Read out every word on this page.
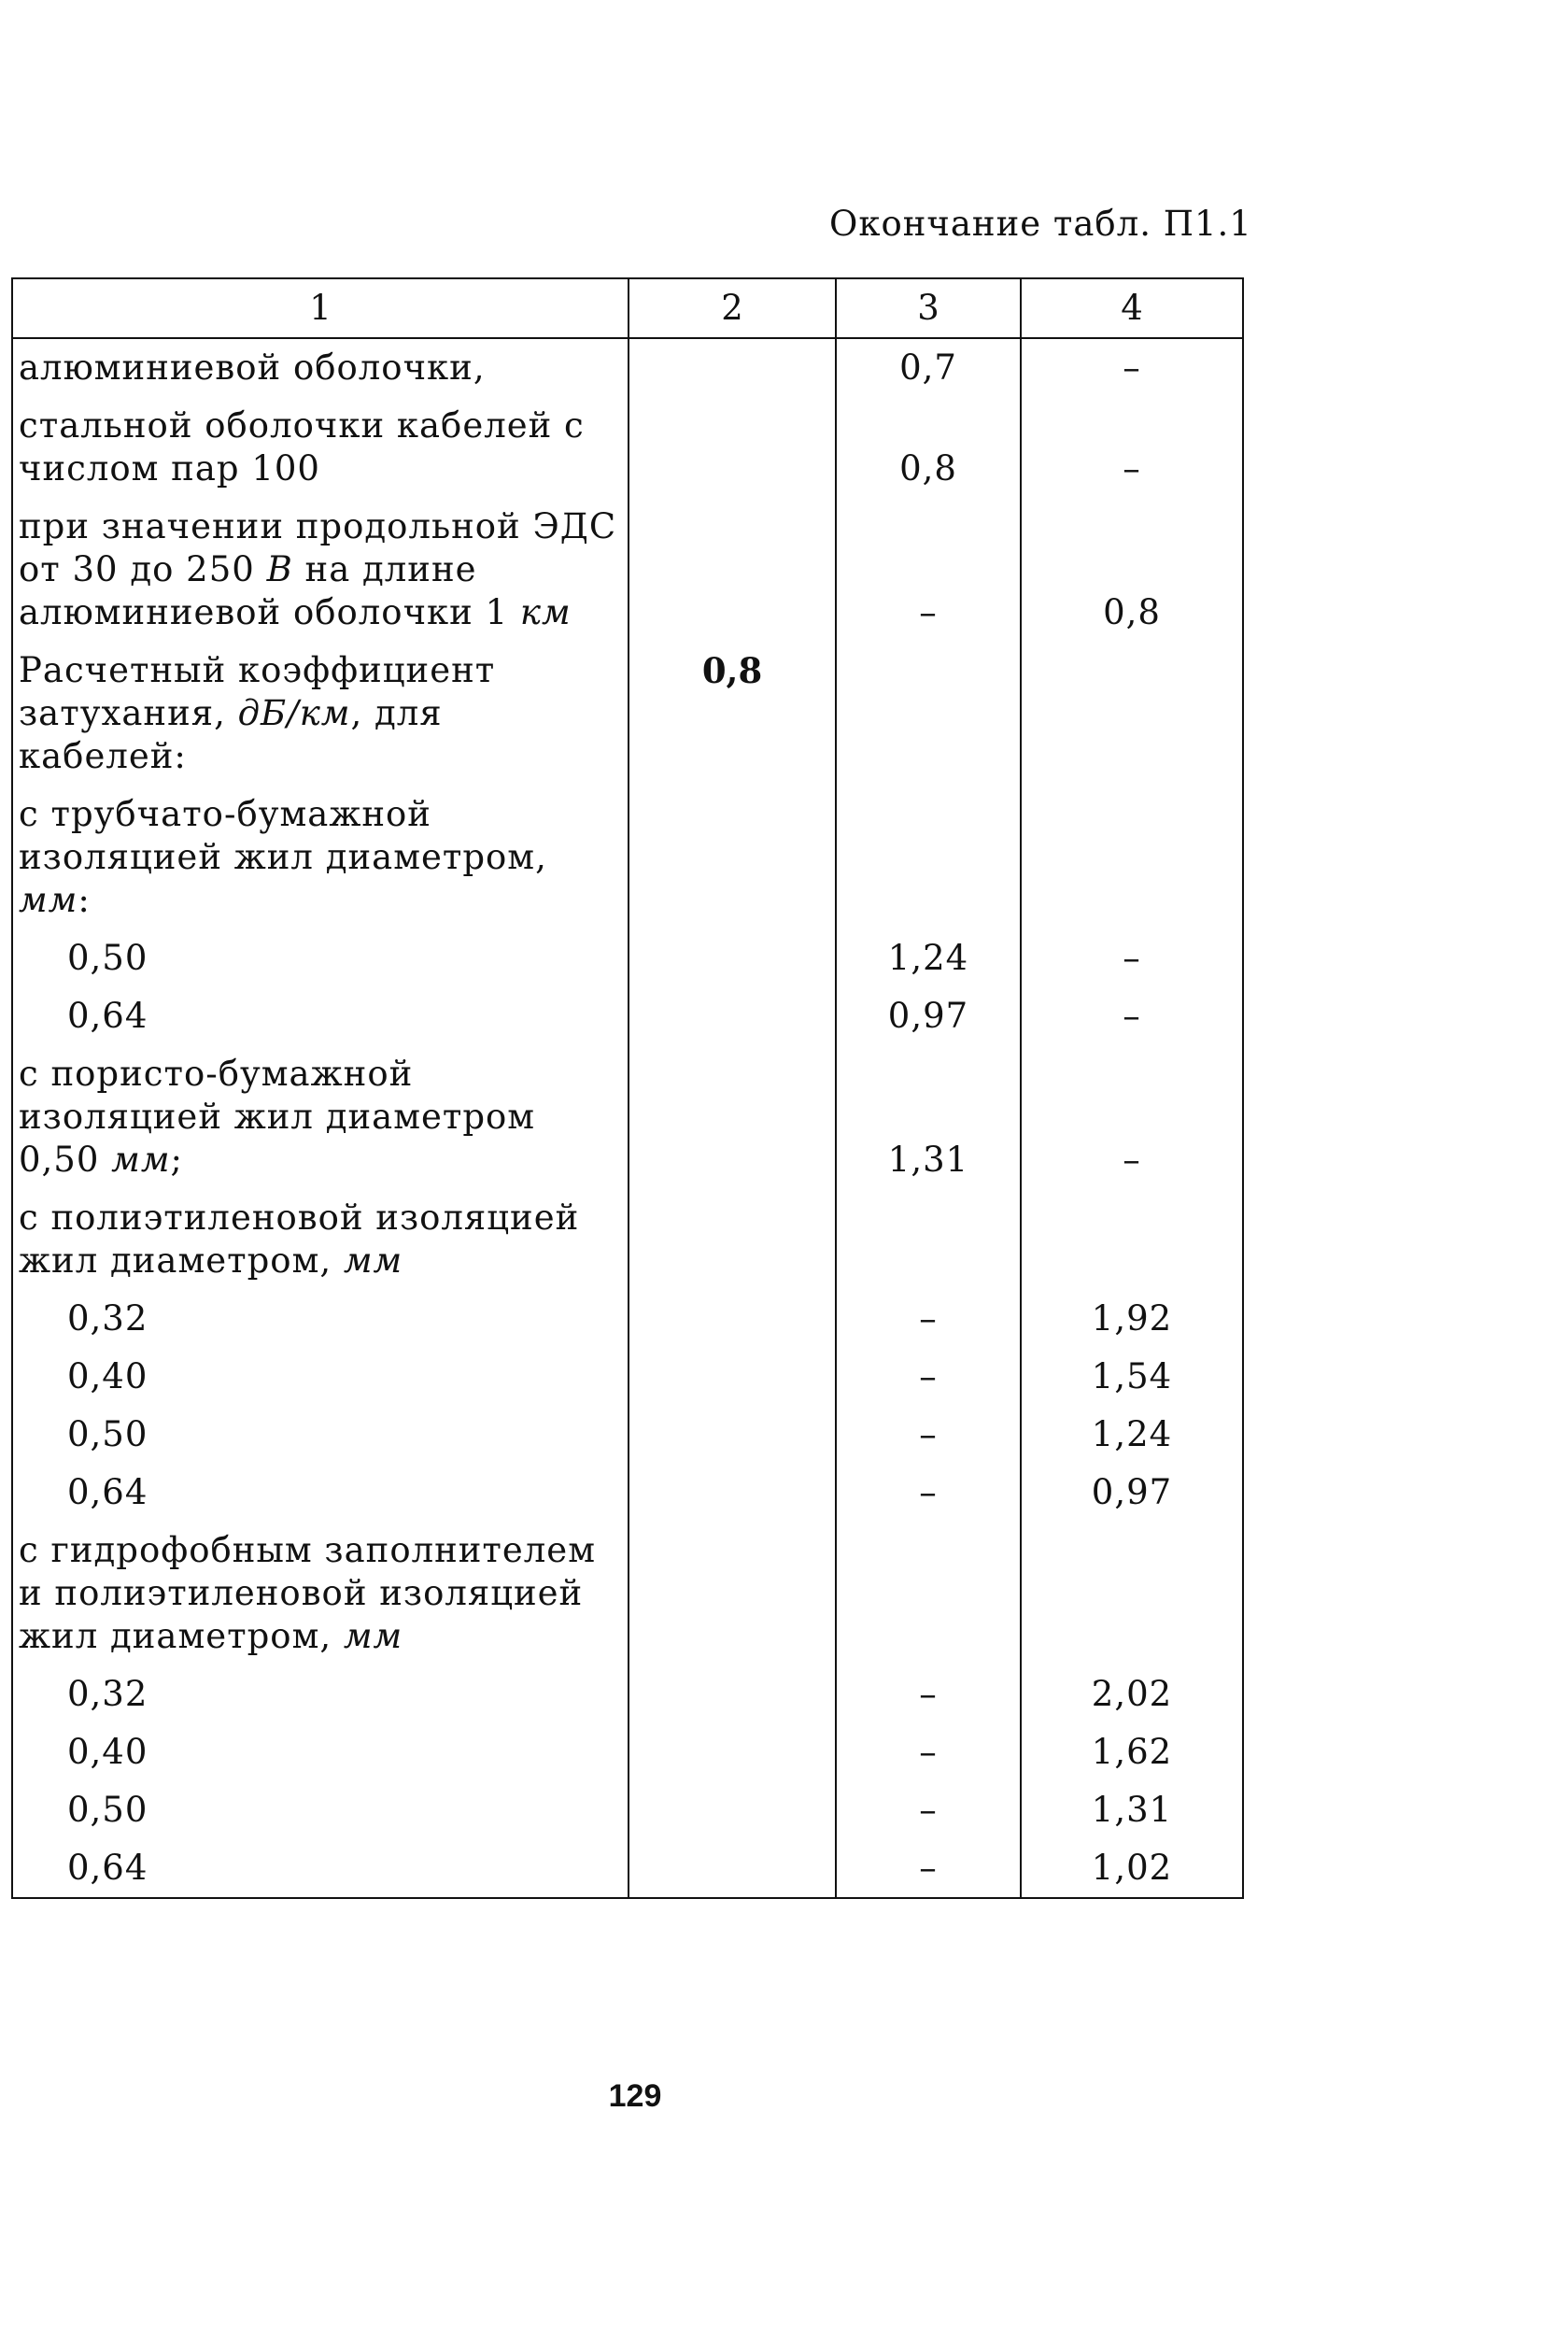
Окончание табл. П1.1
1	2	3	4
алюминиевой оболочки,		0,7	–
стальной оболочки кабелей с числом пар 100		0,8	–
при значении продольной ЭДС от 30 до 250 В на длине алюминиевой оболочки 1 км		–	0,8
Расчетный коэффициент затухания, дБ/км, для кабелей:	0,8		
с трубчато-бумажной изоляцией жил диаметром, мм:			
0,50		1,24	–
0,64		0,97	–
с пористо-бумажной изоляцией жил диаметром 0,50 мм;		1,31	–
с полиэтиленовой изоляцией жил диаметром, мм			
0,32		–	1,92
0,40		–	1,54
0,50		–	1,24
0,64		–	0,97
с гидрофобным заполнителем и полиэтиленовой изоляцией жил диаметром, мм			
0,32		–	2,02
0,40		–	1,62
0,50		–	1,31
0,64		–	1,02
129
